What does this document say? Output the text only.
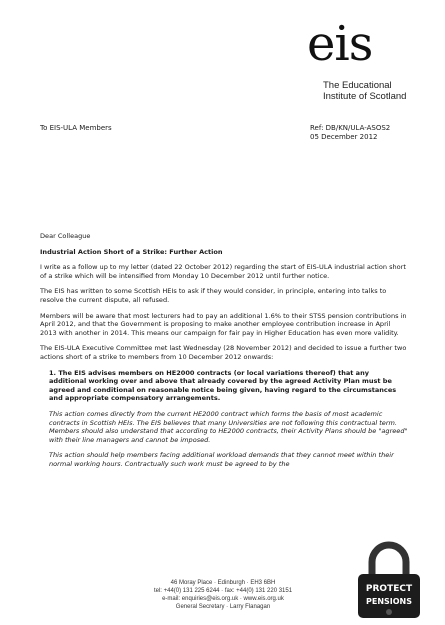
eis
The Educational
Institute of Scotland
To EIS-ULA Members	Ref: DB/KN/ULA-ASOS2
05 December 2012

Dear Colleague

Industrial Action Short of a Strike: Further Action

I write as a follow up to my letter (dated 22 October 2012) regarding the start of EIS-ULA industrial action short of a strike which will be intensified from Monday 10 December 2012 until further notice.

The EIS has written to some Scottish HEIs to ask if they would consider, in principle, entering into talks to resolve the current dispute, all refused.

Members will be aware that most lecturers had to pay an additional 1.6% to their STSS pension contributions in April 2012, and that the Government is proposing to make another employee contribution increase in April 2013 with another in 2014. This means our campaign for fair pay in Higher Education has even more validity.

The EIS-ULA Executive Committee met last Wednesday (28 November 2012) and decided to issue a further two actions short of a strike to members from 10 December 2012 onwards:

1. The EIS advises members on HE2000 contracts (or local variations thereof) that any additional working over and above that already covered by the agreed Activity Plan must be agreed and conditional on reasonable notice being given, having regard to the circumstances and appropriate compensatory arrangements.

This action comes directly from the current HE2000 contract which forms the basis of most academic contracts in Scottish HEIs. The EIS believes that many Universities are not following this contractual term. Members should also understand that according to HE2000 contracts, their Activity Plans should be "agreed" with their line managers and cannot be imposed.

This action should help members facing additional workload demands that they cannot meet within their normal working hours. Contractually such work must be agreed to by the

46 Moray Place · Edinburgh · EH3 6BH
tel: +44(0) 131 225 6244 · fax: +44(0) 131 220 3151
e-mail: enquiries@eis.org.uk · www.eis.org.uk
General Secretary · Larry Flanagan
PROTECT
PENSIONS
